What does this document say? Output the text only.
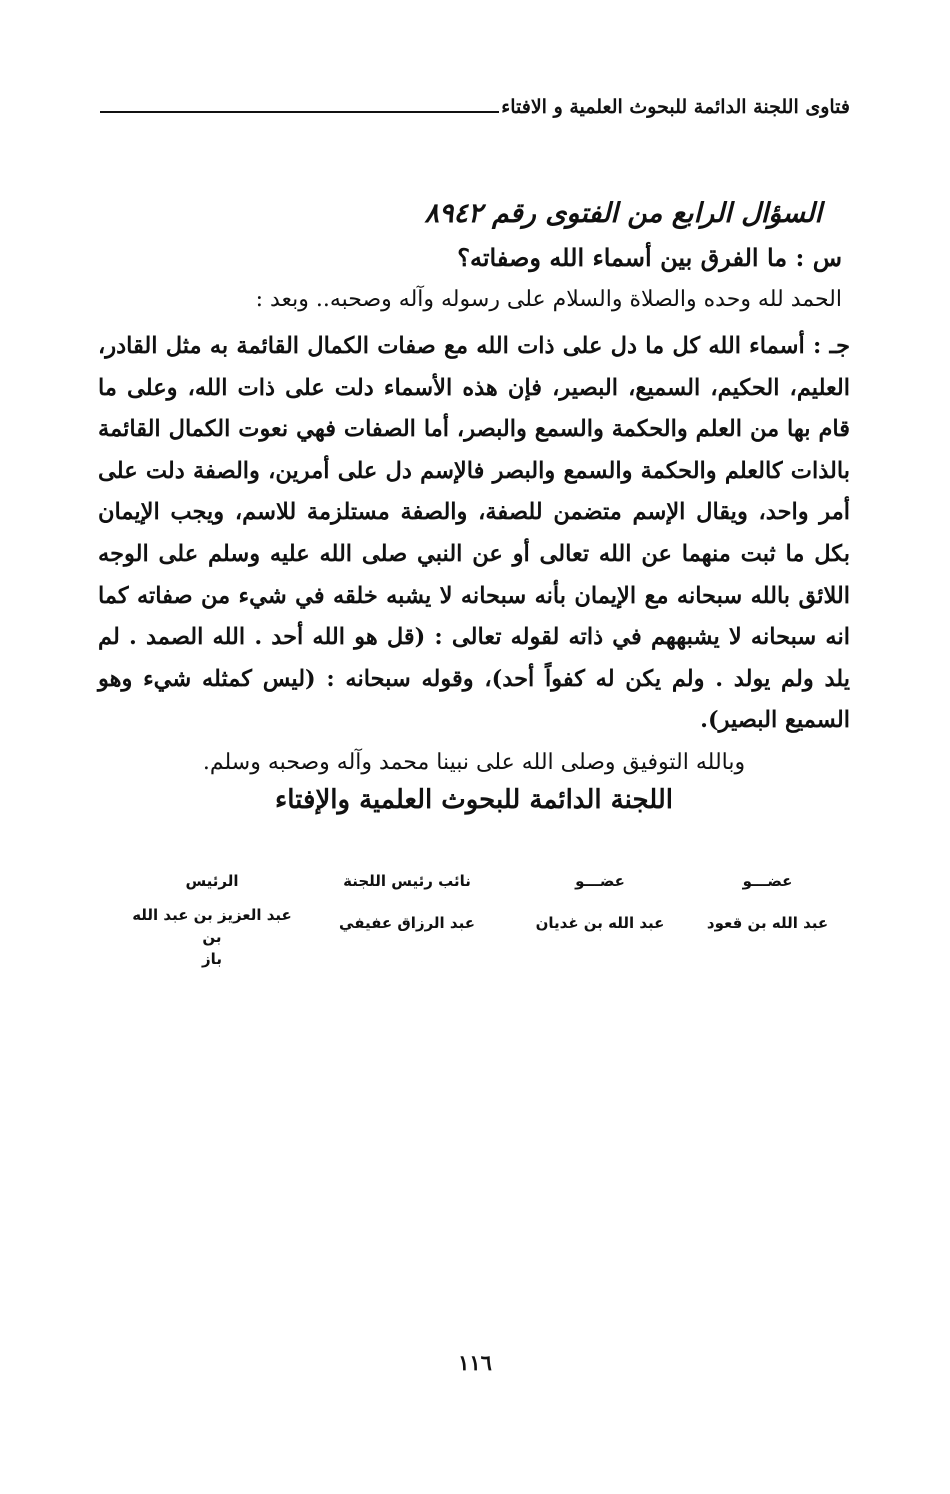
فتاوى اللجنة الدائمة للبحوث العلمية و الافتاء
السؤال الرابع من الفتوى رقم ٨٩٤٢
س : ما الفرق بين أسماء الله وصفاته؟
الحمد لله وحده والصلاة والسلام على رسوله وآله وصحبه.. وبعد :
جـ : أسماء الله كل ما دل على ذات الله مع صفات الكمال القائمة به مثل القادر، العليم، الحكيم، السميع، البصير، فإن هذه الأسماء دلت على ذات الله، وعلى ما قام بها من العلم والحكمة والسمع والبصر، أما الصفات فهي نعوت الكمال القائمة بالذات كالعلم والحكمة والسمع والبصر فالإسم دل على أمرين، والصفة دلت على أمر واحد، ويقال الإسم متضمن للصفة، والصفة مستلزمة للاسم، ويجب الإيمان بكل ما ثبت منهما عن الله تعالى أو عن النبي صلى الله عليه وسلم على الوجه اللائق بالله سبحانه مع الإيمان بأنه سبحانه لا يشبه خلقه في شيء من صفاته كما انه سبحانه لا يشبههم في ذاته لقوله تعالى : (قل هو الله أحد . الله الصمد . لم يلد ولم يولد . ولم يكن له كفواً أحد)، وقوله سبحانه : (ليس كمثله شيء وهو السميع البصير).
وبالله التوفيق وصلى الله على نبينا محمد وآله وصحبه وسلم.
اللجنة الدائمة للبحوث العلمية والإفتاء
الرئيس
عبد العزيز بن عبد الله بن
باز
نائب رئيس اللجنة
عبد الرزاق عفيفي
عضـــو
عبد الله بن غديان
عضـــو
عبد الله بن قعود
١١٦
